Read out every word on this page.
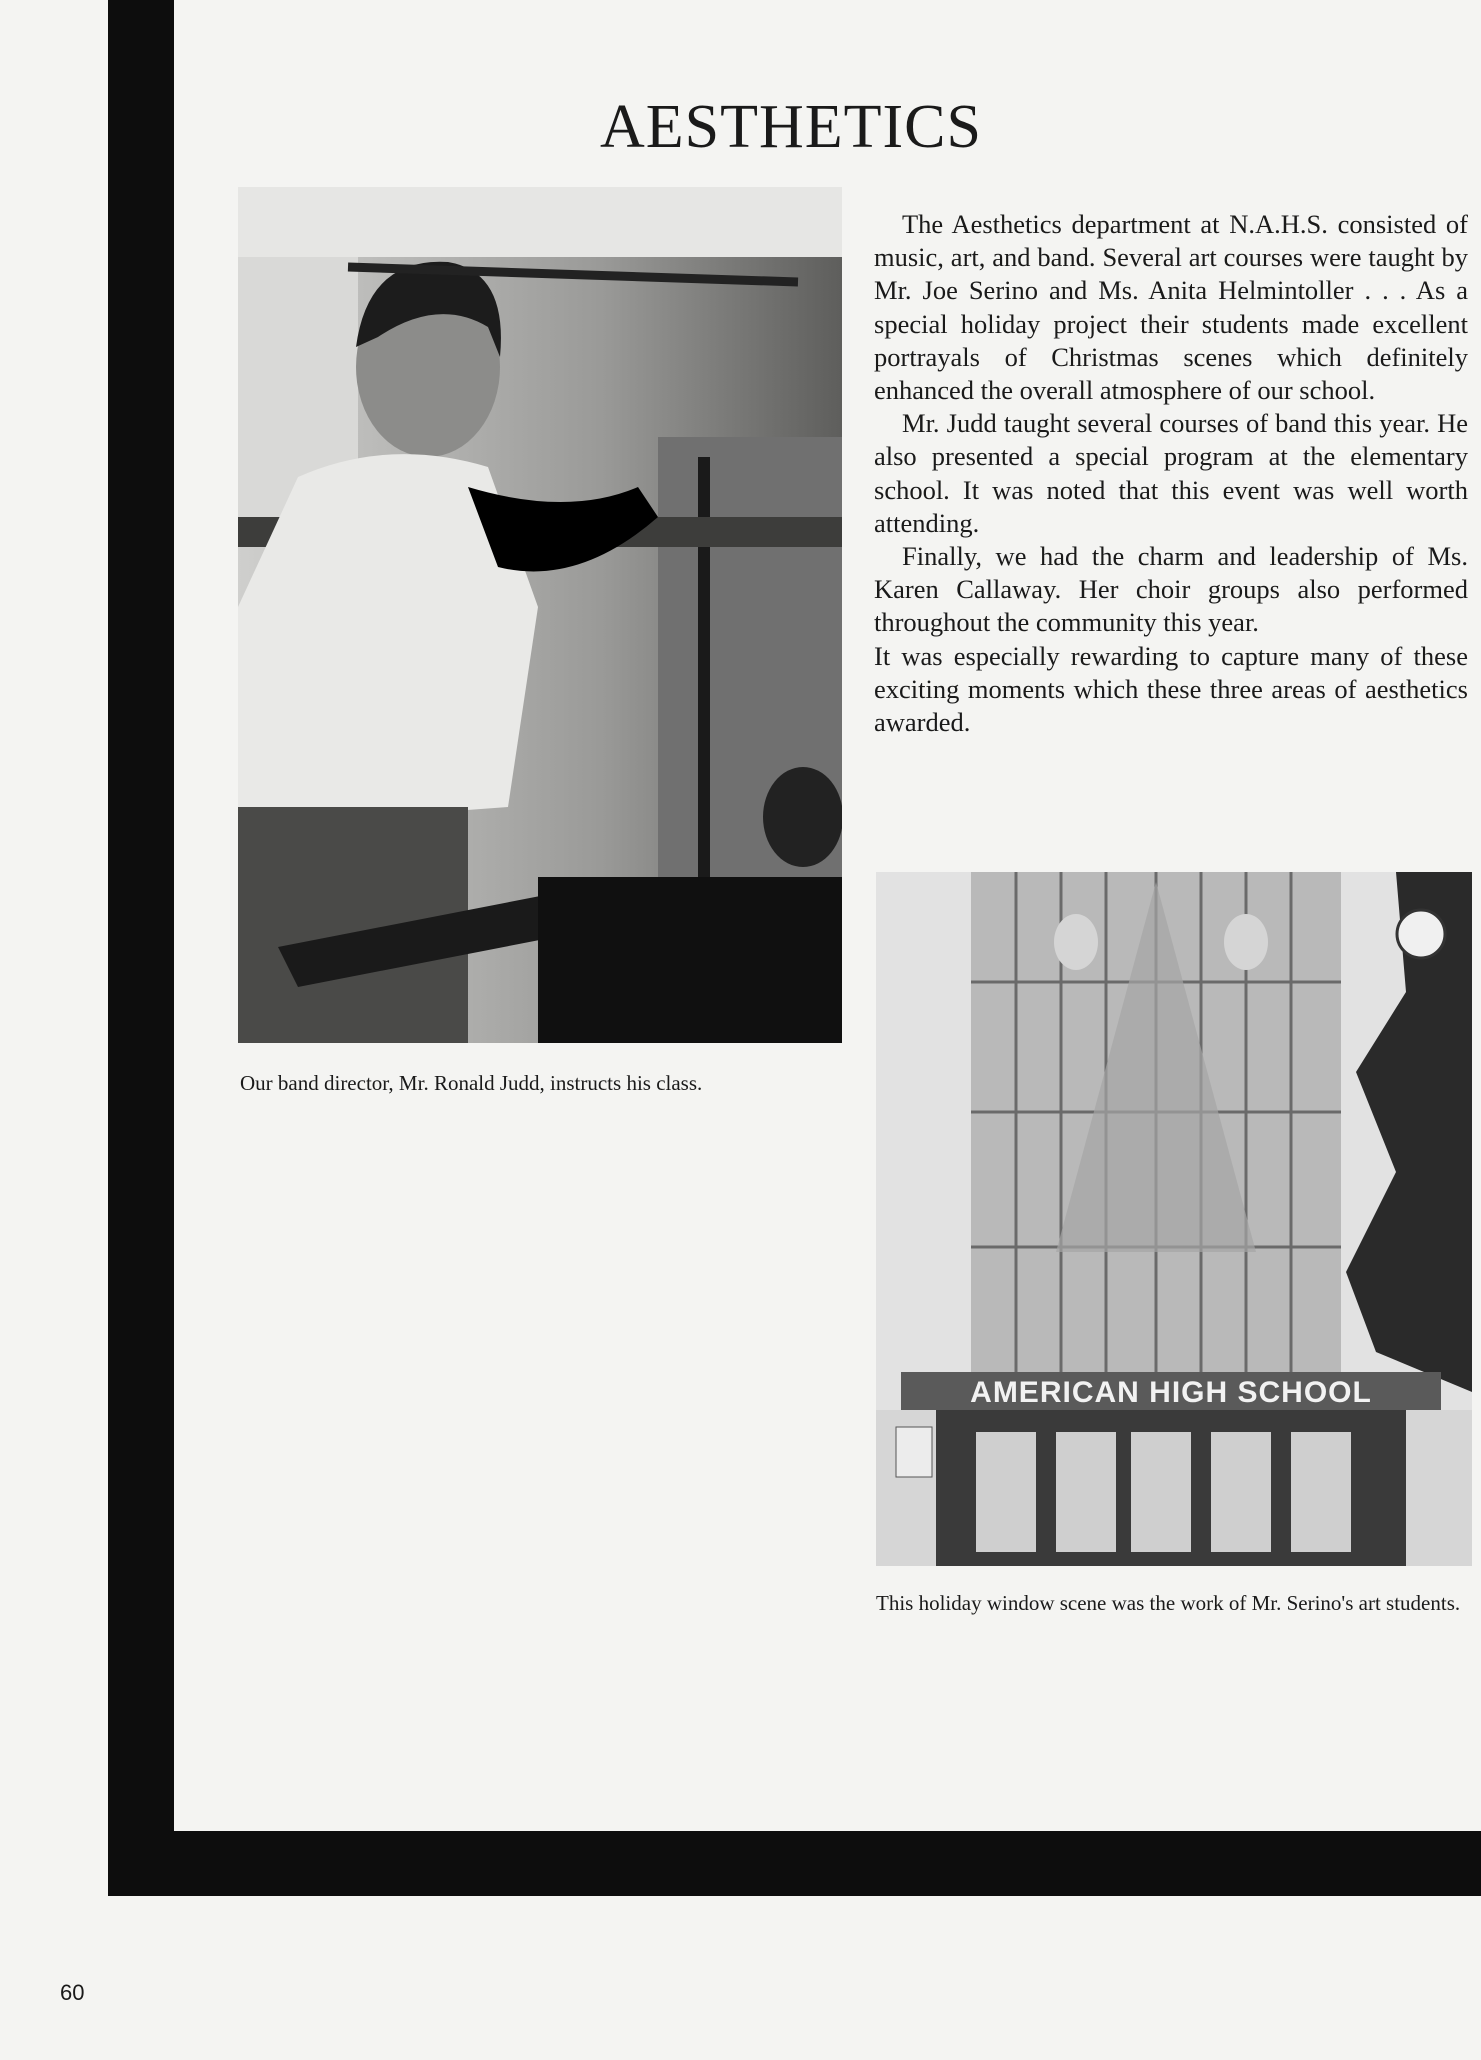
AESTHETICS

The Aesthetics department at N.A.H.S. consisted of music, art, and band. Several art courses were taught by Mr. Joe Serino and Ms. Anita Helmintoller . . . As a special holiday project their students made excellent portrayals of Christmas scenes which definitely enhanced the overall atmosphere of our school.

Mr. Judd taught several courses of band this year. He also presented a special program at the elementary school. It was noted that this event was well worth attending.

Finally, we had the charm and leadership of Ms. Karen Callaway. Her choir groups also performed throughout the community this year.

It was especially rewarding to capture many of these exciting moments which these three areas of aesthetics awarded.

Our band director, Mr. Ronald Judd, instructs his class.
AMERICAN HIGH SCHOOL
This holiday window scene was the work of Mr. Serino's art students.
60
